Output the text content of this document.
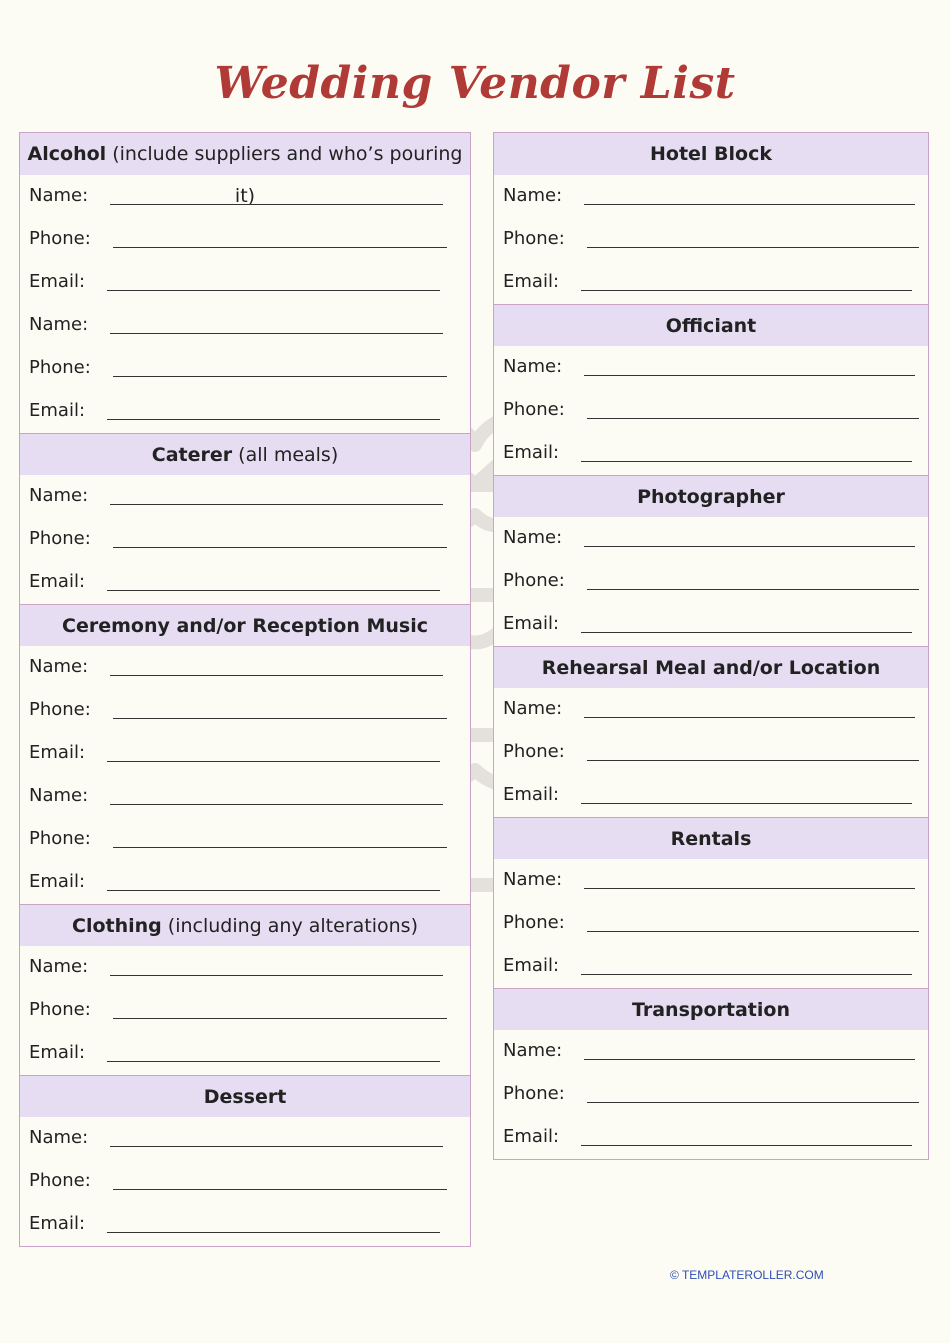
Wedding Vendor List
Alcohol (include suppliers and who’s pouring it)
Name:
Phone:
Email:
Name:
Phone:
Email:
Caterer (all meals)
Name:
Phone:
Email:
Ceremony and/or Reception Music
Name:
Phone:
Email:
Name:
Phone:
Email:
Clothing (including any alterations)
Name:
Phone:
Email:
Dessert
Name:
Phone:
Email:
Hotel Block
Name:
Phone:
Email:
Officiant
Name:
Phone:
Email:
Photographer
Name:
Phone:
Email:
Rehearsal Meal and/or Location
Name:
Phone:
Email:
Rentals
Name:
Phone:
Email:
Transportation
Name:
Phone:
Email:
© TEMPLATEROLLER.COM
